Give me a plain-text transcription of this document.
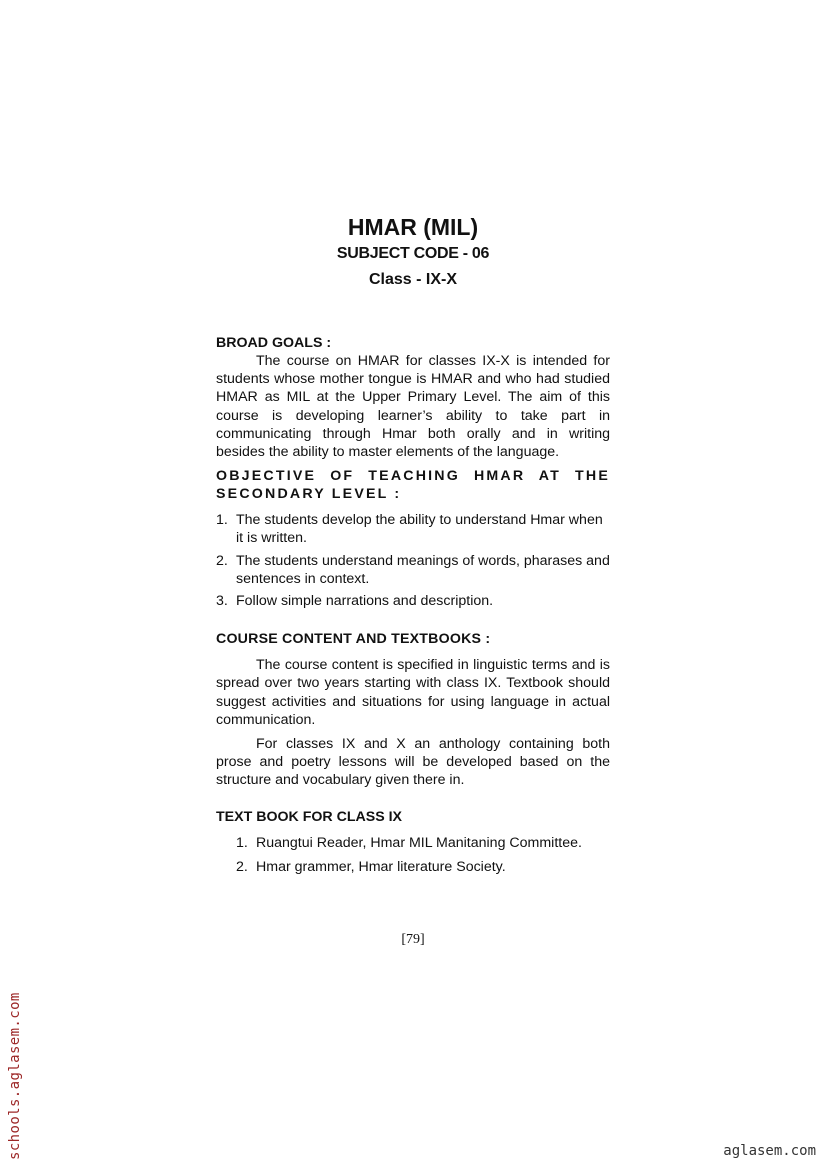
HMAR (MIL)
SUBJECT CODE - 06
Class - IX-X
BROAD GOALS :

The course on HMAR for classes IX-X is intended for students whose mother tongue is HMAR and who had studied HMAR as MIL at the Upper Primary Level. The aim of this course is developing learner’s ability to take part in communicating through Hmar both orally and in writing besides the ability to master elements of the language.

OBJECTIVE OF TEACHING HMAR AT THE SECONDARY LEVEL :
1. The students develop the ability to understand Hmar when it is written.
2. The students understand meanings of words, pharases and sentences in context.
3. Follow simple narrations and description.
COURSE CONTENT AND TEXTBOOKS :

The course content is specified in linguistic terms and is spread over two years starting with class IX. Textbook should suggest activities and situations for using language in actual communication.

For classes IX and X an anthology containing both prose and poetry lessons will be developed based on the structure and vocabulary given there in.

TEXT BOOK FOR CLASS IX
1. Ruangtui Reader, Hmar MIL Manitaning Committee.
2. Hmar grammer, Hmar literature Society.
[79]
schools.aglasem.com	aglasem.com
